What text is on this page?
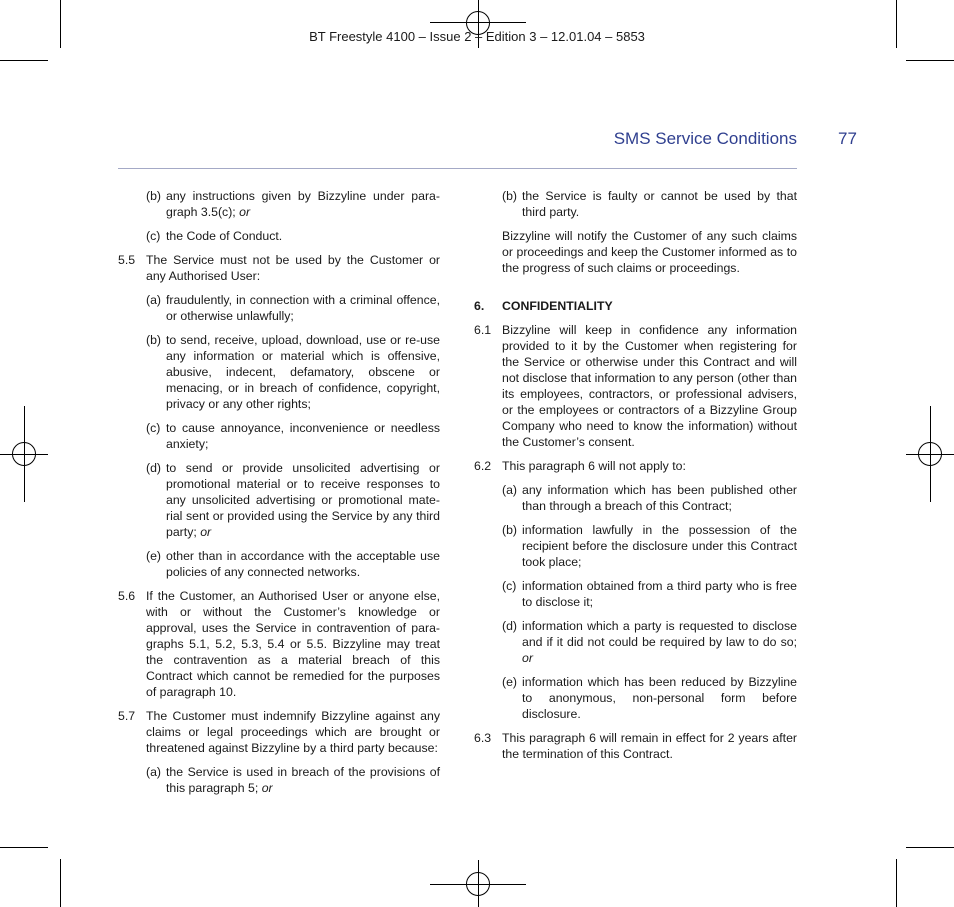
BT Freestyle 4100 – Issue 2 – Edition 3 – 12.01.04 – 5853
SMS Service Conditions 77
(b) any instructions given by Bizzyline under para-graph 3.5(c); or
(c) the Code of Conduct.
5.5 The Service must not be used by the Customer or any Authorised User:
(a) fraudulently, in connection with a criminal offence, or otherwise unlawfully;
(b) to send, receive, upload, download, use or re-use any information or material which is offensive, abusive, indecent, defamatory, obscene or menacing, or in breach of confidence, copyright, privacy or any other rights;
(c) to cause annoyance, inconvenience or needless anxiety;
(d) to send or provide unsolicited advertising or promotional material or to receive responses to any unsolicited advertising or promotional mate-rial sent or provided using the Service by any third party; or
(e) other than in accordance with the acceptable use policies of any connected networks.
5.6 If the Customer, an Authorised User or anyone else, with or without the Customer’s knowledge or approval, uses the Service in contravention of para-graphs 5.1, 5.2, 5.3, 5.4 or 5.5. Bizzyline may treat the contravention as a material breach of this Contract which cannot be remedied for the purposes of paragraph 10.
5.7 The Customer must indemnify Bizzyline against any claims or legal proceedings which are brought or threatened against Bizzyline by a third party because:
(a) the Service is used in breach of the provisions of this paragraph 5; or
(b) the Service is faulty or cannot be used by that third party.
Bizzyline will notify the Customer of any such claims or proceedings and keep the Customer informed as to the progress of such claims or proceedings.
6. CONFIDENTIALITY
6.1 Bizzyline will keep in confidence any information provided to it by the Customer when registering for the Service or otherwise under this Contract and will not disclose that information to any person (other than its employees, contractors, or professional advisers, or the employees or contractors of a Bizzyline Group Company who need to know the information) without the Customer’s consent.
6.2 This paragraph 6 will not apply to:
(a) any information which has been published other than through a breach of this Contract;
(b) information lawfully in the possession of the recipient before the disclosure under this Contract took place;
(c) information obtained from a third party who is free to disclose it;
(d) information which a party is requested to disclose and if it did not could be required by law to do so; or
(e) information which has been reduced by Bizzyline to anonymous, non-personal form before disclosure.
6.3 This paragraph 6 will remain in effect for 2 years after the termination of this Contract.
